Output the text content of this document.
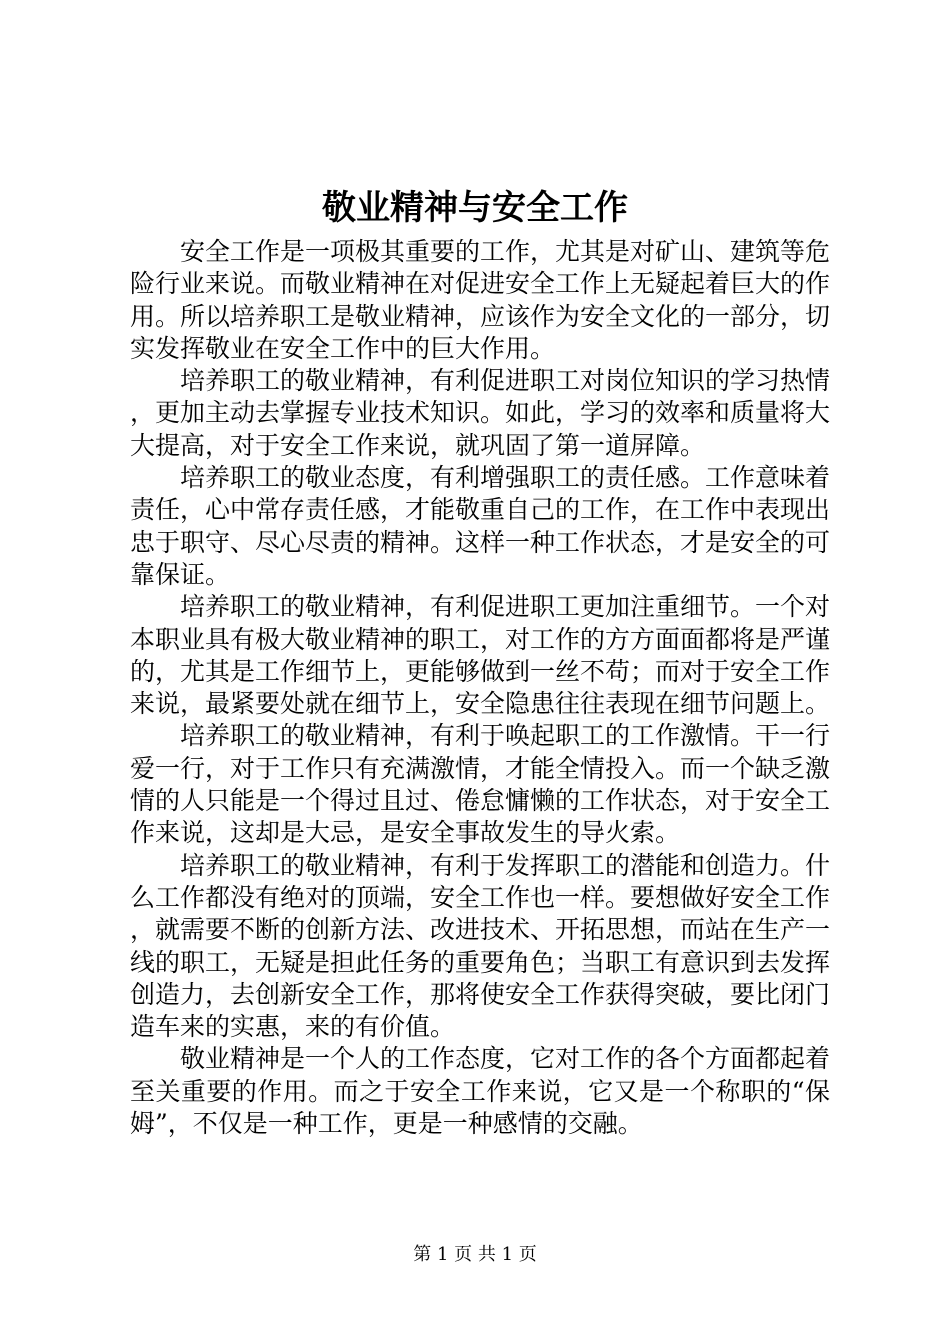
敬业精神与安全工作

安全工作是一项极其重要的工作，尤其是对矿山、建筑等危险行业来说。而敬业精神在对促进安全工作上无疑起着巨大的作用。所以培养职工是敬业精神，应该作为安全文化的一部分，切实发挥敬业在安全工作中的巨大作用。

培养职工的敬业精神，有利促进职工对岗位知识的学习热情，更加主动去掌握专业技术知识。如此，学习的效率和质量将大大提高，对于安全工作来说，就巩固了第一道屏障。

培养职工的敬业态度，有利增强职工的责任感。工作意味着责任，心中常存责任感，才能敬重自己的工作，在工作中表现出忠于职守、尽心尽责的精神。这样一种工作状态，才是安全的可靠保证。

培养职工的敬业精神，有利促进职工更加注重细节。一个对本职业具有极大敬业精神的职工，对工作的方方面面都将是严谨的，尤其是工作细节上，更能够做到一丝不苟；而对于安全工作来说，最紧要处就在细节上，安全隐患往往表现在细节问题上。

培养职工的敬业精神，有利于唤起职工的工作激情。干一行爱一行，对于工作只有充满激情，才能全情投入。而一个缺乏激情的人只能是一个得过且过、倦怠慵懒的工作状态，对于安全工作来说，这却是大忌，是安全事故发生的导火索。

培养职工的敬业精神，有利于发挥职工的潜能和创造力。什么工作都没有绝对的顶端，安全工作也一样。要想做好安全工作，就需要不断的创新方法、改进技术、开拓思想，而站在生产一线的职工，无疑是担此任务的重要角色；当职工有意识到去发挥创造力，去创新安全工作，那将使安全工作获得突破，要比闭门造车来的实惠，来的有价值。

敬业精神是一个人的工作态度，它对工作的各个方面都起着至关重要的作用。而之于安全工作来说，它又是一个称职的“保姆”，不仅是一种工作，更是一种感情的交融。

第 1 页 共 1 页
